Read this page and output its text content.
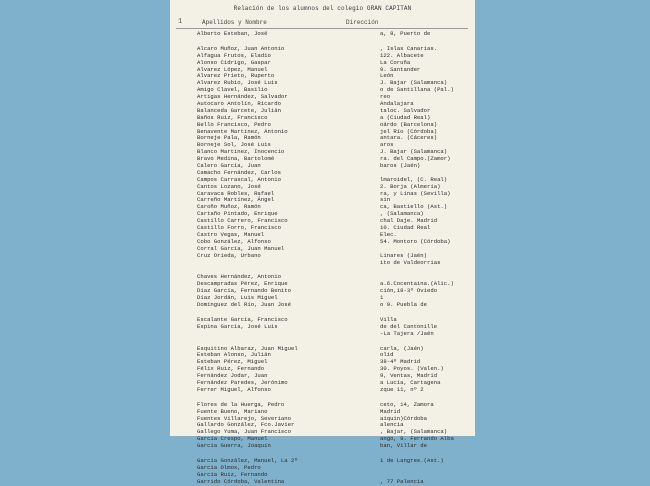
Relación de los alumnos del colegio GRAN CAPITAN
1	Apellidos y Nombre	Dirección
Alberto Esteban, José	a, 8, Puerto de
Alcaro Muñoz, Juan Antonio	, Islas Canarias.
Alfagua Frutos, Eladio	122. Albacete
Alonso Cidrigo, Gaspar	La Coruña
Alvarez López, Manuel	9. Santander
Alvarez Prieto, Ruperto	León
Alvarez Rubio, José Luis	J. Bajar (Salamanca)
Amigo Clavel, Basilio	o de Santillana (Pal.)
Artigas Hernández, Salvador	reo
Autocaro Antolín, Ricardo	Andalajara
Balanceda Garcete, Julián	taloc. Salvador
Baños Ruiz, Francisco	a (Ciudad Real)
Bello Francisco, Pedro	oárdo (Barcelona)
Benavente Martínez, Antonio	jel Río (Córdoba)
Borneje Pala, Ramón	antara. (Cáceres)
Borneje Sol, José Luis	aros
Blanco Martínez, Inocencio	J. Bajar (Salamanca)
Bravo Medina, Bartolomé	ra. del Campo.(Zamor)
Calero García, Juan	baros (Jaén)
Camacho Fernández, Carlos
Campos Carrascal, Antonio	lmaroidel, (C. Real)
Cantos Lozano, José	2. Borja (Almería)
Caravaca Robles, Rafael	ra, y Linas (Sevilla)
Carreño Martínez, Ángel	sin
Caroño Muñoz, Ramón	ca, Bastiello (Ast.)
Cartaño Pintado, Enrique	, (Salamanca)
Castillo Carrero, Francisco	chal Daje. Madrid
Castillo Forro, Francisco	10. Ciudad Real
Castro Vegas, Manuel	Elec.
Cobo González, Alfonso	54. Montoro (Córdoba)
Corral García, Juan Manuel
Cruz Orieda, Urbano	Linares (Jaén)
ito de Valdeorrias
Chaves Hernández, Antonio
Descampradas Pérez, Enrique	a.6.Cocentaina.(Alic.)
Díaz García, Fernando Benito	ción,18-3º Oviedo
Díaz Jordán, Luis Miguel	1
Domínguez del Río, Juan José	o 9. Puebla de
Escalante García, Francisco	Villa
Espina García, José Luis	de del Cantonille
-La Tajera /Jaén
Esquitino Albaraz, Juan Miguel	carla, (Jaén)
Esteban Alonso, Julián	olid
Esteban Pérez, Miguel	38-4º Madrid
Félix Ruiz, Fernando	30. Poyos. (Valen.)
Fernández Jodar, Juan	9, Ventas, Madrid
Fernández Paredes, Jerónimo	a Lucía, Cartagena
Ferrer Miguel, Alfonso	zque 11, nº 2
Flores de la Huerga, Pedro	ceto, 14, Zamora
Fuente Bueno, Mariano	Madrid
Fuentes Villarejo, Severiano	aiquin)Córdoba
Gallardo González, Fco.Javier	alencia
Gallego Yuma, Juan Francisco	, Bajar, (Salamanca)
García Crespo, Manuel	ango, 9. Ferrando Alba
García Guerra, Joaquín	ban, Villar de
García González, Manuel, La 2º	1 de Langres.(Ast.)
García Olmos, Pedro
García Ruiz, Fernando
Garrido Córdoba, Valentina	, 77 Palencia
